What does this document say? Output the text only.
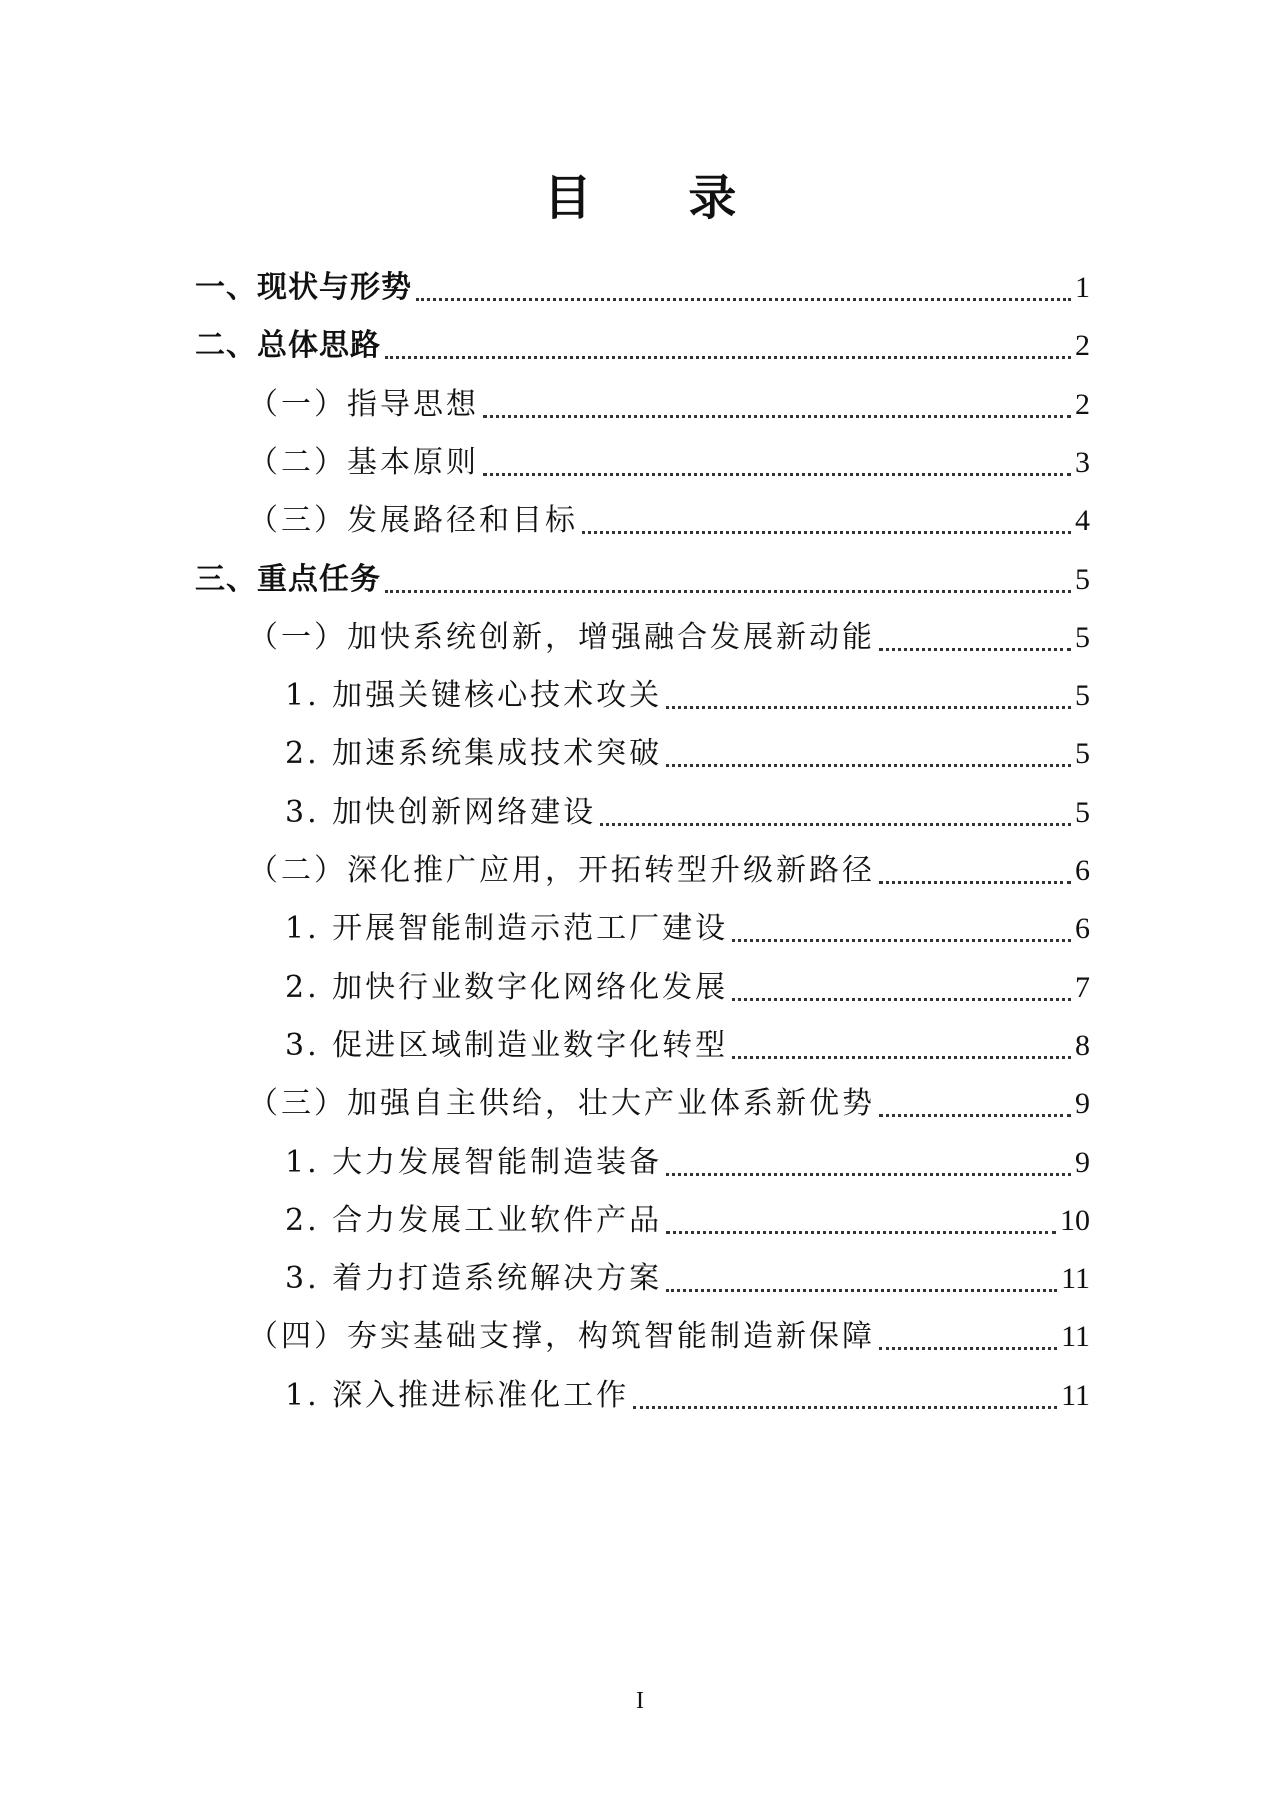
目 录
一、现状与形势	1
二、总体思路	2
（一）指导思想	2
（二）基本原则	3
（三）发展路径和目标	4
三、重点任务	5
（一）加快系统创新，增强融合发展新动能	5
1. 加强关键核心技术攻关	5
2. 加速系统集成技术突破	5
3. 加快创新网络建设	5
（二）深化推广应用，开拓转型升级新路径	6
1. 开展智能制造示范工厂建设	6
2. 加快行业数字化网络化发展	7
3. 促进区域制造业数字化转型	8
（三）加强自主供给，壮大产业体系新优势	9
1. 大力发展智能制造装备	9
2. 合力发展工业软件产品	10
3. 着力打造系统解决方案	11
（四）夯实基础支撑，构筑智能制造新保障	11
1. 深入推进标准化工作	11
I
